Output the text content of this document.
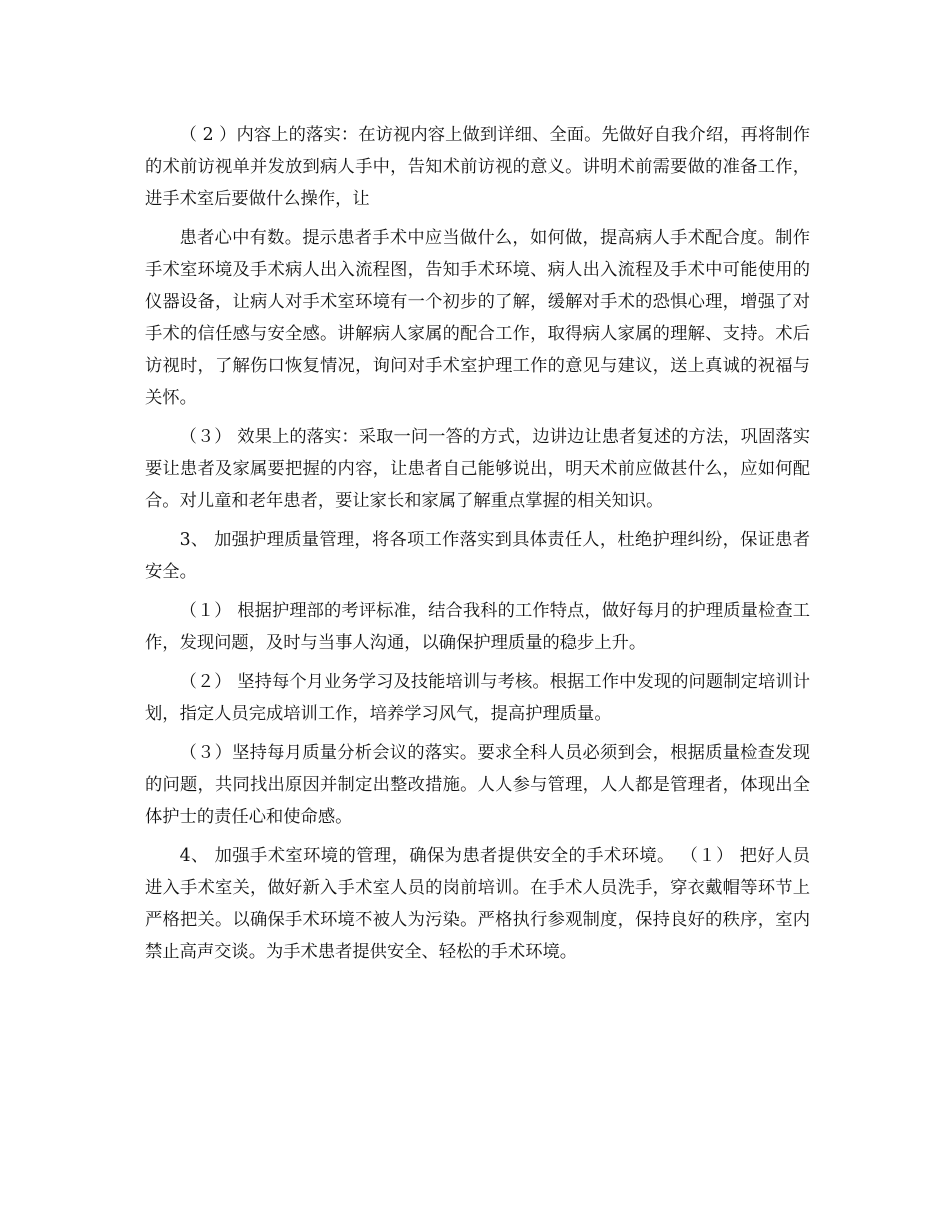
（ 2 ）内容上的落实：在访视内容上做到详细、全面。先做好自我介绍，再将制作的术前访视单并发放到病人手中，告知术前访视的意义。讲明术前需要做的准备工作，进手术室后要做什么操作，让

患者心中有数。提示患者手术中应当做什么，如何做，提高病人手术配合度。制作手术室环境及手术病人出入流程图，告知手术环境、病人出入流程及手术中可能使用的仪器设备，让病人对手术室环境有一个初步的了解，缓解对手术的恐惧心理，增强了对手术的信任感与安全感。讲解病人家属的配合工作，取得病人家属的理解、支持。术后访视时，了解伤口恢复情况，询问对手术室护理工作的意见与建议，送上真诚的祝福与关怀。

（３） 效果上的落实：采取一问一答的方式，边讲边让患者复述的方法，巩固落实要让患者及家属要把握的内容，让患者自己能够说出，明天术前应做甚什么，应如何配合。对儿童和老年患者，要让家长和家属了解重点掌握的相关知识。

3、 加强护理质量管理，将各项工作落实到具体责任人，杜绝护理纠纷，保证患者安全。

（１） 根据护理部的考评标准，结合我科的工作特点，做好每月的护理质量检查工作，发现问题，及时与当事人沟通，以确保护理质量的稳步上升。

（２） 坚持每个月业务学习及技能培训与考核。根据工作中发现的问题制定培训计划，指定人员完成培训工作，培养学习风气，提高护理质量。

（３）坚持每月质量分析会议的落实。要求全科人员必须到会，根据质量检查发现的问题，共同找出原因并制定出整改措施。人人参与管理，人人都是管理者，体现出全体护士的责任心和使命感。

4、 加强手术室环境的管理，确保为患者提供安全的手术环境。 （１） 把好人员进入手术室关，做好新入手术室人员的岗前培训。在手术人员洗手，穿衣戴帽等环节上严格把关。以确保手术环境不被人为污染。严格执行参观制度，保持良好的秩序，室内禁止高声交谈。为手术患者提供安全、轻松的手术环境。
